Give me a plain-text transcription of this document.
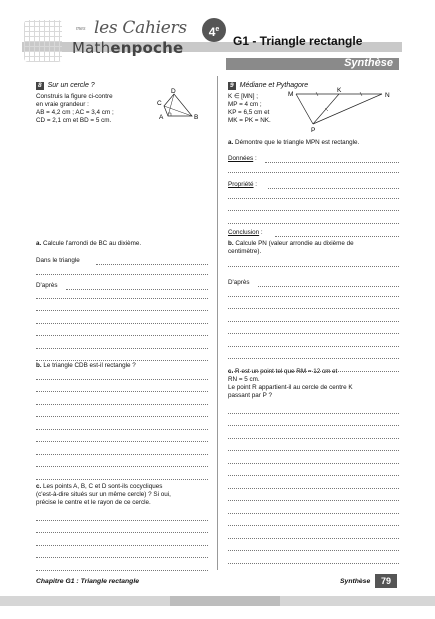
mes les Cahiers
Mathenpoche
4e
G1 - Triangle rectangle
Synthèse
8 Sur un cercle ?
Construis la figure ci-contre
en vraie grandeur :
AB = 4,2 cm ; AC = 3,4 cm ;
CD = 2,1 cm et BD = 5 cm.
D
C
A	B
a. Calcule l'arrondi de BC au dixième.
Dans le triangle
D'après
b. Le triangle CDB est-il rectangle ?
c. Les points A, B, C et D sont-ils cocycliques
(c'est-à-dire situés sur un même cercle) ? Si oui,
précise le centre et le rayon de ce cercle.
9 Médiane et Pythagore
K ∈ [MN] ;
MP = 4 cm ;
KP = 6,5 cm et
MK = PK = NK.
M
K
N
P
a. Démontre que le triangle MPN est rectangle.
Données :
Propriété :
Conclusion :
b. Calcule PN (valeur arrondie au dixième de
centimètre).
D'après
c. R est un point tel que RM = 12 cm et
RN = 5 cm.
Le point R appartient-il au cercle de centre K
passant par P ?
Chapitre G1 : Triangle rectangle	Synthèse	79
